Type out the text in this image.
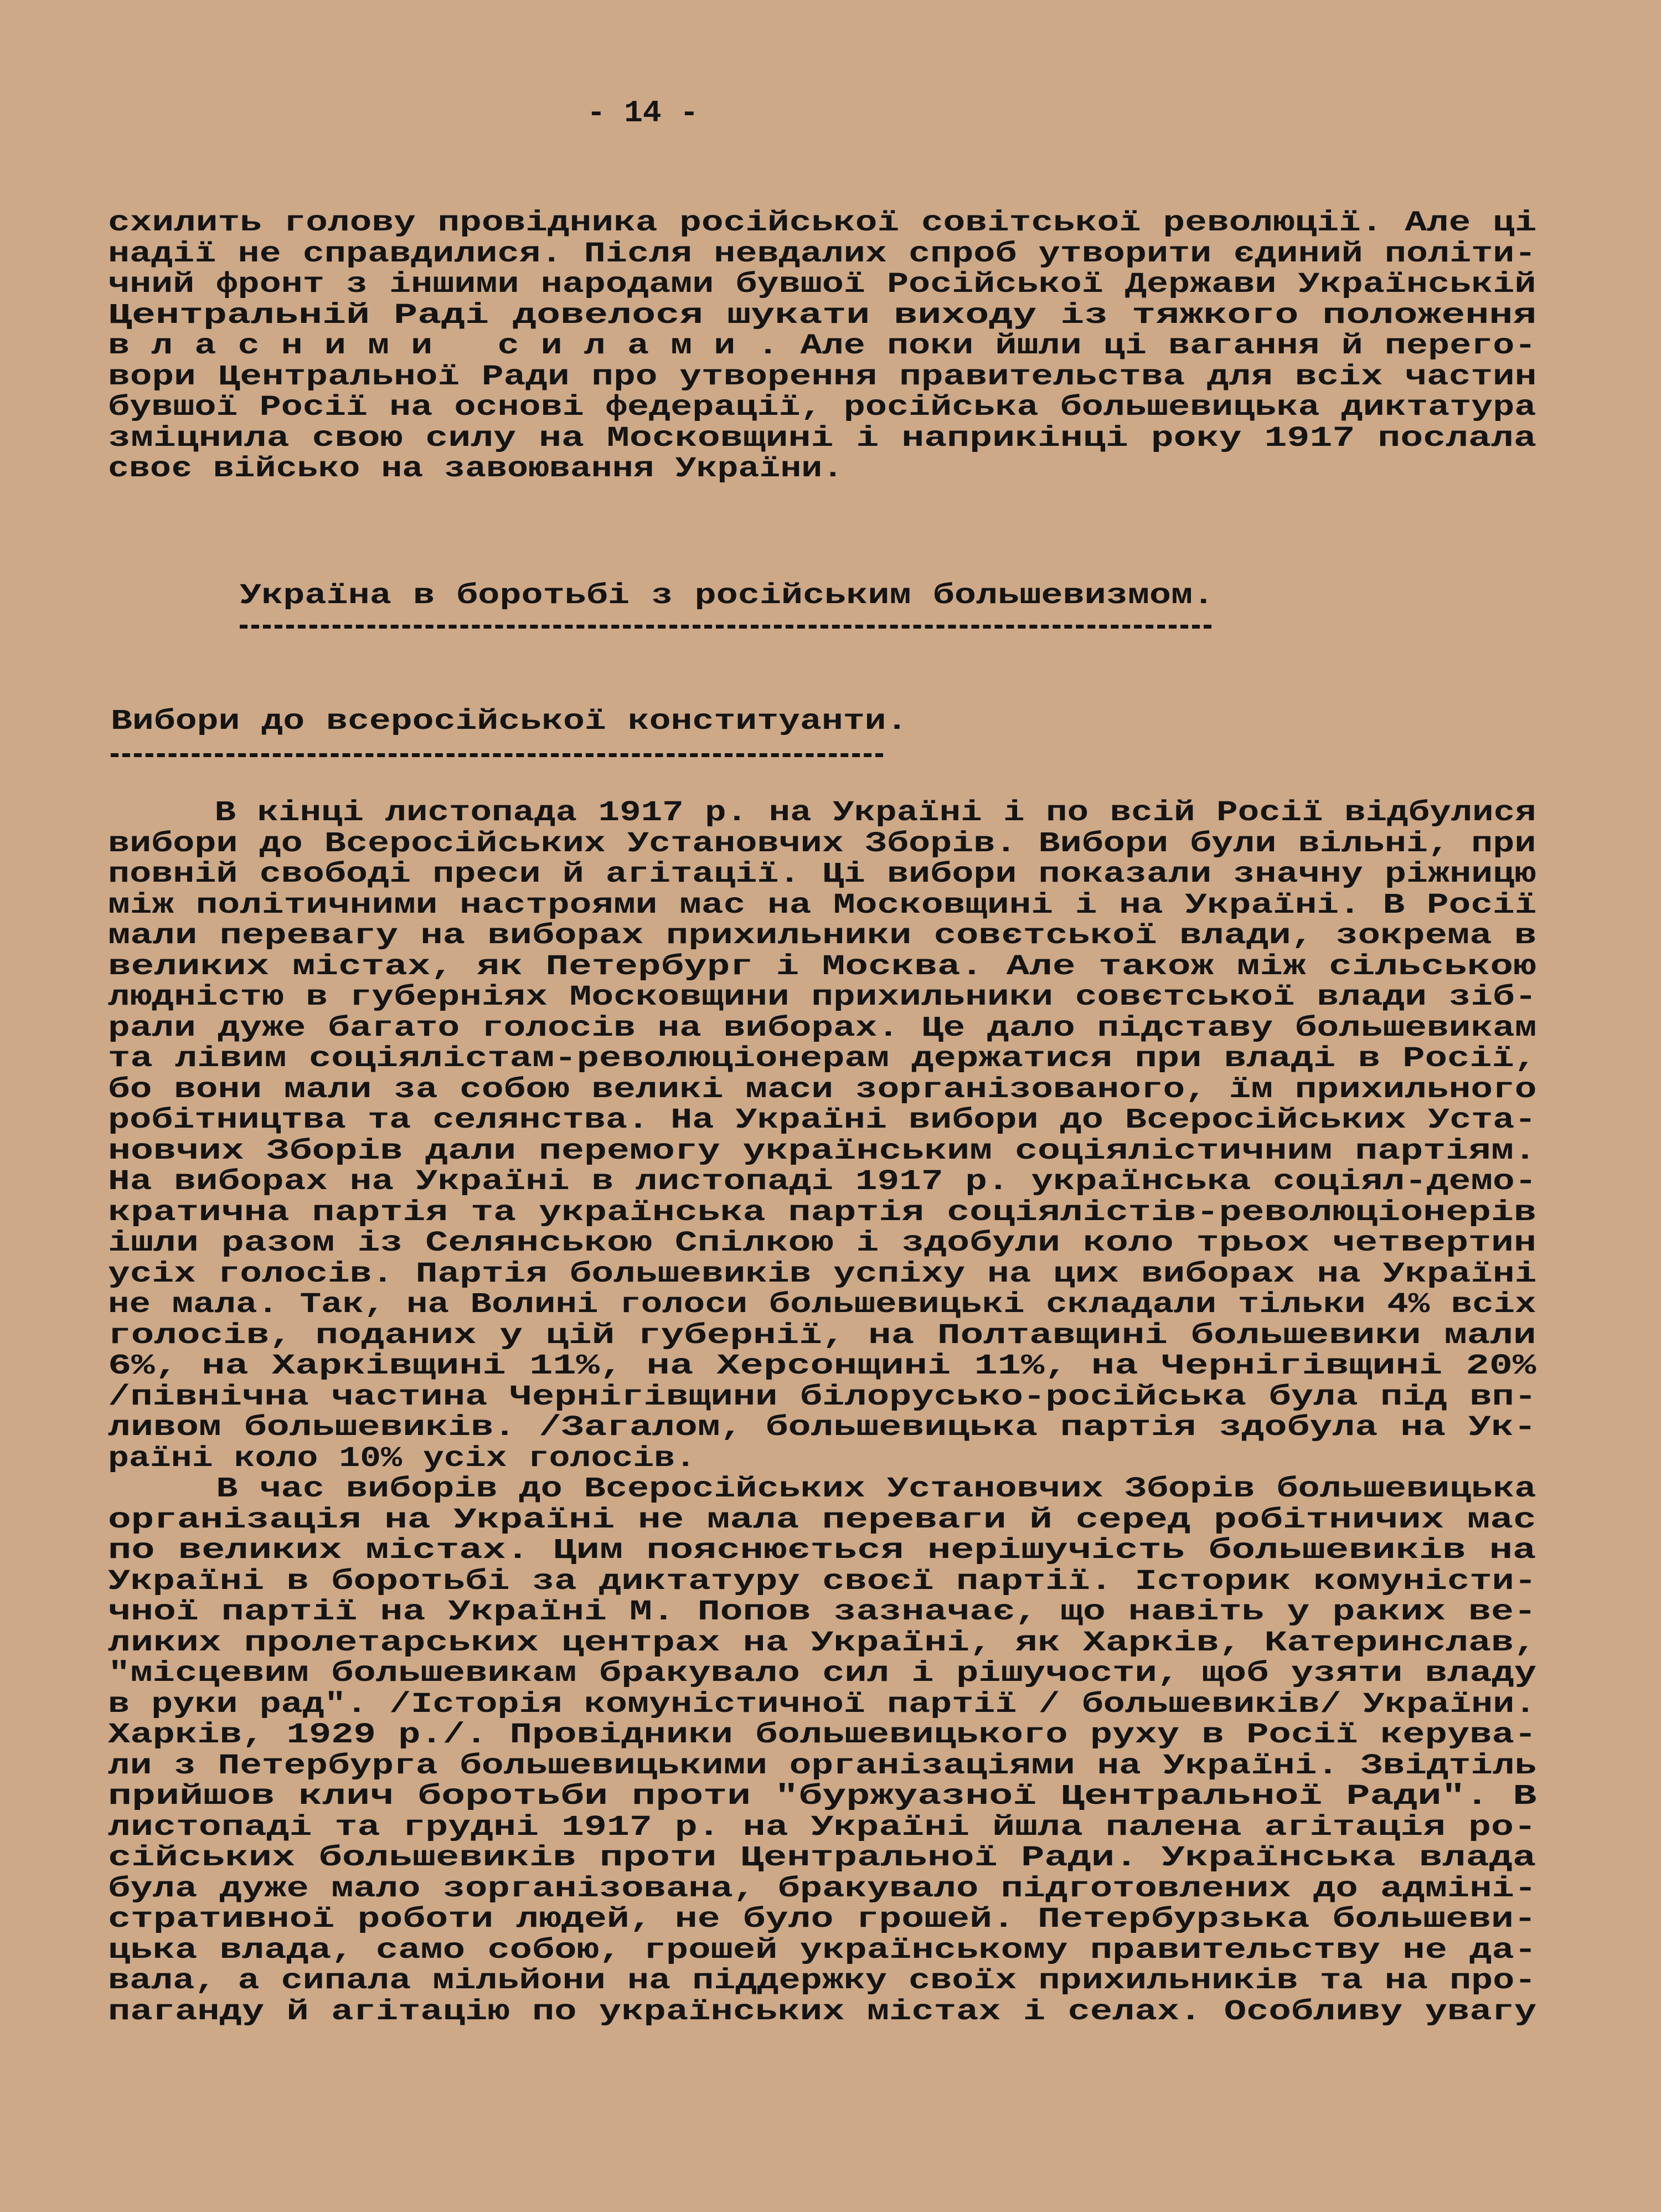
- 14 -
схилить голову провідника російської совітської революції. Але ці
надії не справдилися. Після невдалих спроб утворити єдиний політи-
чний фронт з іншими народами бувшої Російської Держави Українській
Центральній Раді довелося шукати виходу із тяжкого положення
в л а с н и м и   с и л а м и . Але поки йшли ці вагання й перего-
вори Центральної Ради про утворення правительства для всіх частин
бувшої Росії на основі федерації, російська большевицька диктатура
зміцнила свою силу на Московщині і наприкінці року 1917 послала
своє військо на завоювання України.
Україна в боротьбі з російським большевизмом.
Вибори до всеросійської конституанти.
В кінці листопада 1917 р. на Україні і по всій Росії відбулися
вибори до Всеросійських Установчих Зборів. Вибори були вільні, при
повній свободі преси й агітації. Ці вибори показали значну ріжницю
між політичними настроями мас на Московщині і на Україні. В Росії
мали перевагу на виборах прихильники совєтської влади, зокрема в
великих містах, як Петербург і Москва. Але також між сільською
людністю в губерніях Московщини прихильники совєтської влади зіб-
рали дуже багато голосів на виборах. Це дало підставу большевикам
та лівим соціялістам-революціонерам держатися при владі в Росії,
бо вони мали за собою великі маси зорганізованого, їм прихильного
робітництва та селянства. На Україні вибори до Всеросійських Уста-
новчих Зборів дали перемогу українським соціялістичним партіям.
На виборах на Україні в листопаді 1917 р. українська соціял-демо-
кратична партія та українська партія соціялістів-революціонерів
ішли разом із Селянською Спілкою і здобули коло трьох четвертин
усіх голосів. Партія большевиків успіху на цих виборах на Україні
не мала. Так, на Волині голоси большевицькі складали тільки 4% всіх
голосів, поданих у цій губернії, на Полтавщині большевики мали
6%, на Харківщині 11%, на Херсонщині 11%, на Чернігівщині 20%
/північна частина Чернігівщини білорусько-російська була під вп-
ливом большевиків. /Загалом, большевицька партія здобула на Ук-
раїні коло 10% усіх голосів.
В час виборів до Всеросійських Установчих Зборів большевицька
організація на Україні не мала переваги й серед робітничих мас
по великих містах. Цим пояснюється нерішучість большевиків на
Україні в боротьбі за диктатуру своєї партії. Історик комуністи-
чної партії на Україні М. Попов зазначає, що навіть у раких ве-
ликих пролетарських центрах на Україні, як Харків, Катеринслав,
"місцевим большевикам бракувало сил і рішучости, щоб узяти владу
в руки рад". /Історія комуністичної партії / большевиків/ України.
Харків, 1929 р./. Провідники большевицького руху в Росії керува-
ли з Петербурга большевицькими організаціями на Україні. Звідтіль
прийшов клич боротьби проти "буржуазної Центральної Ради". В
листопаді та грудні 1917 р. на Україні йшла палена агітація ро-
сійських большевиків проти Центральної Ради. Українська влада
була дуже мало зорганізована, бракувало підготовлених до адміні-
стративної роботи людей, не було грошей. Петербурзька большеви-
цька влада, само собою, грошей українському правительству не да-
вала, а сипала мільйони на піддержку своїх прихильників та на про-
паганду й агітацію по українських містах і селах. Особливу увагу
